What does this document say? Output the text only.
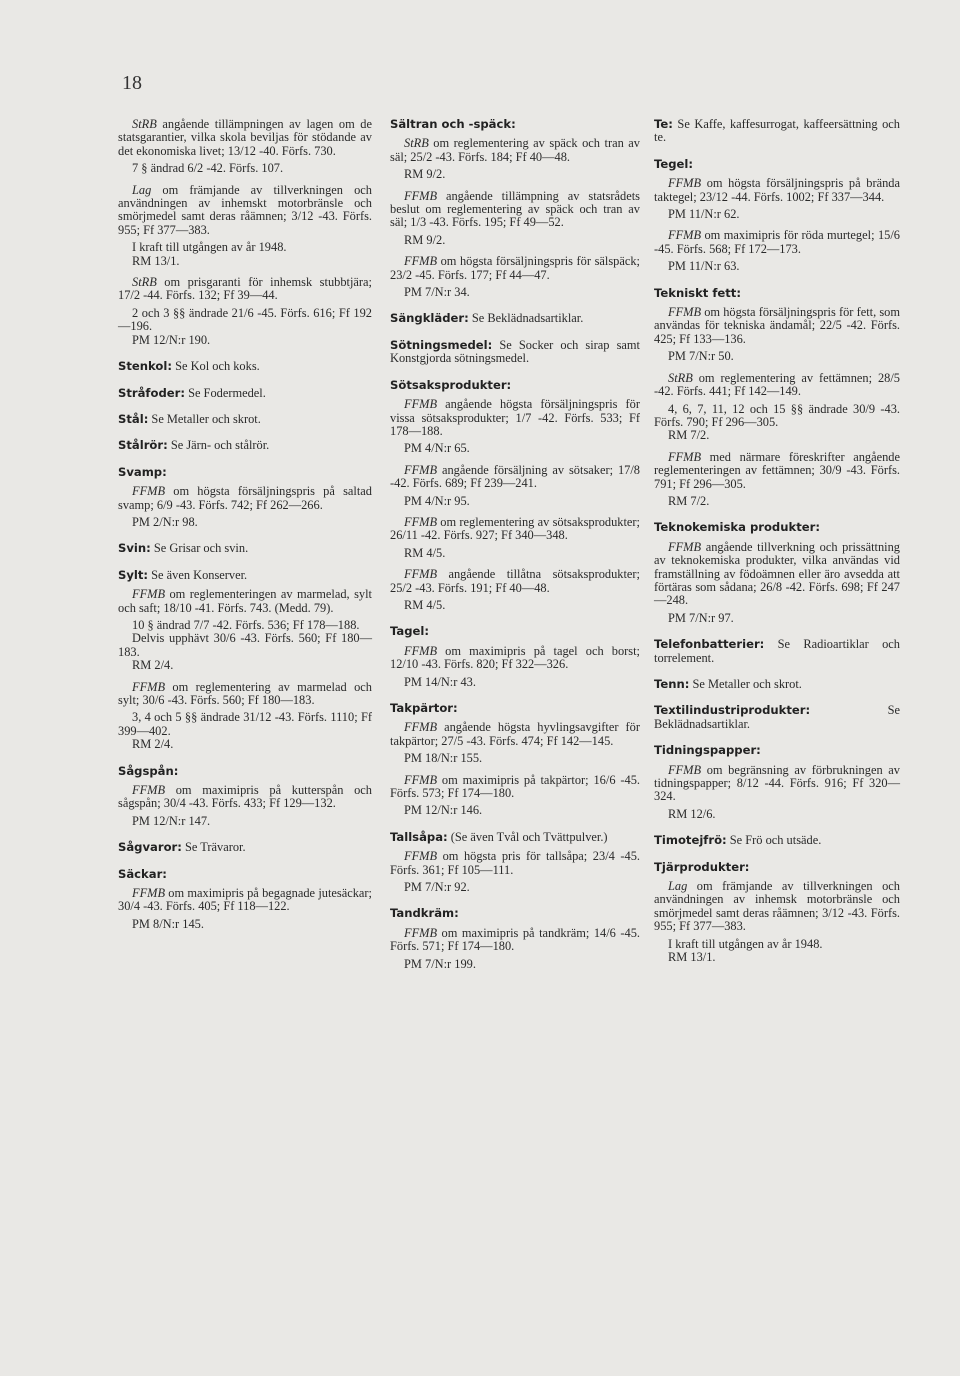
18
StRB angående tillämpningen av lagen om de statsgarantier, vilka skola beviljas för stödande av det ekonomiska livet; 13/12 -40. Förfs. 730.
7 § ändrad 6/2 -42. Förfs. 107.
Lag om främjande av tillverkningen och användningen av inhemskt motorbränsle och smörjmedel samt deras råämnen; 3/12 -43. Förfs. 955; Ff 377—383.
I kraft till utgången av år 1948.
RM 13/1.
StRB om prisgaranti för inhemsk stubbtjära; 17/2 -44. Förfs. 132; Ff 39—44.
2 och 3 §§ ändrade 21/6 -45. Förfs. 616; Ff 192—196.
PM 12/N:r 190.
Stenkol: Se Kol och koks.
Stråfoder: Se Fodermedel.
Stål: Se Metaller och skrot.
Stålrör: Se Järn- och stålrör.
Svamp:
FFMB om högsta försäljningspris på saltad svamp; 6/9 -43. Förfs. 742; Ff 262—266.
PM 2/N:r 98.
Svin: Se Grisar och svin.
Sylt: Se även Konserver.
FFMB om reglementeringen av marmelad, sylt och saft; 18/10 -41. Förfs. 743. (Medd. 79).
10 § ändrad 7/7 -42. Förfs. 536; Ff 178—188.
Delvis upphävt 30/6 -43. Förfs. 560; Ff 180—183.
RM 2/4.
FFMB om reglementering av marmelad och sylt; 30/6 -43. Förfs. 560; Ff 180—183.
3, 4 och 5 §§ ändrade 31/12 -43. Förfs. 1110; Ff 399—402.
RM 2/4.
Sågspån:
FFMB om maximipris på kutterspån och sågspån; 30/4 -43. Förfs. 433; Ff 129—132.
PM 12/N:r 147.
Sågvaror: Se Trävaror.
Säckar:
FFMB om maximipris på begagnade jutesäckar; 30/4 -43. Förfs. 405; Ff 118—122.
PM 8/N:r 145.
Sältran och -späck:
StRB om reglementering av späck och tran av säl; 25/2 -43. Förfs. 184; Ff 40—48.
RM 9/2.
FFMB angående tillämpning av statsrådets beslut om reglementering av späck och tran av säl; 1/3 -43. Förfs. 195; Ff 49—52.
RM 9/2.
FFMB om högsta försäljningspris för sälspäck; 23/2 -45. Förfs. 177; Ff 44—47.
PM 7/N:r 34.
Sängkläder: Se Beklädnadsartiklar.
Sötningsmedel: Se Socker och sirap samt Konstgjorda sötningsmedel.
Sötsaksprodukter:
FFMB angående högsta försäljningspris för vissa sötsaksprodukter; 1/7 -42. Förfs. 533; Ff 178—188.
PM 4/N:r 65.
FFMB angående försäljning av sötsaker; 17/8 -42. Förfs. 689; Ff 239—241.
PM 4/N:r 95.
FFMB om reglementering av sötsaksprodukter; 26/11 -42. Förfs. 927; Ff 340—348.
RM 4/5.
FFMB angående tillåtna sötsaksprodukter; 25/2 -43. Förfs. 191; Ff 40—48.
RM 4/5.
Tagel:
FFMB om maximipris på tagel och borst; 12/10 -43. Förfs. 820; Ff 322—326.
PM 14/N:r 43.
Takpärtor:
FFMB angående högsta hyvlingsavgifter för takpärtor; 27/5 -43. Förfs. 474; Ff 142—145.
PM 18/N:r 155.
FFMB om maximipris på takpärtor; 16/6 -45. Förfs. 573; Ff 174—180.
PM 12/N:r 146.
Tallsåpa: (Se även Tvål och Tvättpulver.)
FFMB om högsta pris för tallsåpa; 23/4 -45. Förfs. 361; Ff 105—111.
PM 7/N:r 92.
Tandkräm:
FFMB om maximipris på tandkräm; 14/6 -45. Förfs. 571; Ff 174—180.
PM 7/N:r 199.
Te: Se Kaffe, kaffesurrogat, kaffeersättning och te.
Tegel:
FFMB om högsta försäljningspris på brända taktegel; 23/12 -44. Förfs. 1002; Ff 337—344.
PM 11/N:r 62.
FFMB om maximipris för röda murtegel; 15/6 -45. Förfs. 568; Ff 172—173.
PM 11/N:r 63.
Tekniskt fett:
FFMB om högsta försäljningspris för fett, som användas för tekniska ändamål; 22/5 -42. Förfs. 425; Ff 133—136.
PM 7/N:r 50.
StRB om reglementering av fettämnen; 28/5 -42. Förfs. 441; Ff 142—149.
4, 6, 7, 11, 12 och 15 §§ ändrade 30/9 -43. Förfs. 790; Ff 296—305.
RM 7/2.
FFMB med närmare föreskrifter angående reglementeringen av fettämnen; 30/9 -43. Förfs. 791; Ff 296—305.
RM 7/2.
Teknokemiska produkter:
FFMB angående tillverkning och prissättning av teknokemiska produkter, vilka användas vid framställning av födoämnen eller äro avsedda att förtäras som sådana; 26/8 -42. Förfs. 698; Ff 247—248.
PM 7/N:r 97.
Telefonbatterier: Se Radioartiklar och torrelement.
Tenn: Se Metaller och skrot.
Textilindustriprodukter: Se Beklädnadsartiklar.
Tidningspapper:
FFMB om begränsning av förbrukningen av tidningspapper; 8/12 -44. Förfs. 916; Ff 320—324.
RM 12/6.
Timotejfrö: Se Frö och utsäde.
Tjärprodukter:
Lag om främjande av tillverkningen och användningen av inhemsk motorbränsle och smörjmedel samt deras råämnen; 3/12 -43. Förfs. 955; Ff 377—383.
I kraft till utgången av år 1948.
RM 13/1.
